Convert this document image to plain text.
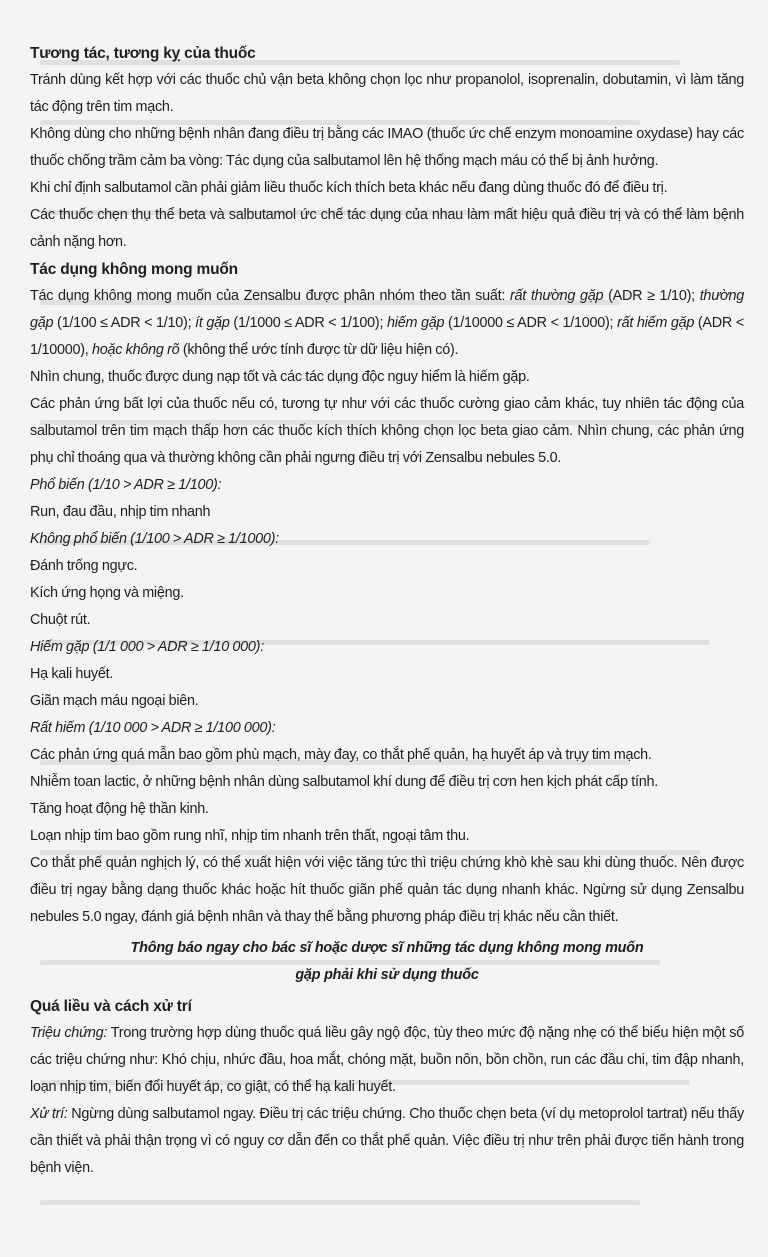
Tương tác, tương kỵ của thuốc

Tránh dùng kết hợp với các thuốc chủ vận beta không chọn lọc như propanolol, isoprenalin, dobutamin, vì làm tăng tác động trên tim mạch.

Không dùng cho những bệnh nhân đang điều trị bằng các IMAO (thuốc ức chế enzym monoamine oxydase) hay các thuốc chống trầm cảm ba vòng: Tác dụng của salbutamol lên hệ thống mạch máu có thể bị ảnh hưởng.

Khi chỉ định salbutamol cần phải giảm liều thuốc kích thích beta khác nếu đang dùng thuốc đó để điều trị.

Các thuốc chẹn thụ thể beta và salbutamol ức chế tác dụng của nhau làm mất hiệu quả điều trị và có thể làm bệnh cảnh nặng hơn.

Tác dụng không mong muốn

Tác dụng không mong muốn của Zensalbu được phân nhóm theo tần suất: rất thường gặp (ADR ≥ 1/10); thường gặp (1/100 ≤ ADR < 1/10); ít gặp (1/1000 ≤ ADR < 1/100); hiếm gặp (1/10000 ≤ ADR < 1/1000); rất hiếm gặp (ADR < 1/10000), hoặc không rõ (không thể ước tính được từ dữ liệu hiện có).

Nhìn chung, thuốc được dung nạp tốt và các tác dụng độc nguy hiểm là hiếm gặp.

Các phản ứng bất lợi của thuốc nếu có, tương tự như với các thuốc cường giao cảm khác, tuy nhiên tác động của salbutamol trên tim mạch thấp hơn các thuốc kích thích không chọn lọc beta giao cảm. Nhìn chung, các phản ứng phụ chỉ thoáng qua và thường không cần phải ngưng điều trị với Zensalbu nebules 5.0.

Phổ biến (1/10 > ADR ≥ 1/100):

Run, đau đầu, nhịp tim nhanh

Không phổ biến (1/100 > ADR ≥ 1/1000):

Đánh trống ngực.

Kích ứng họng và miệng.

Chuột rút.

Hiếm gặp (1/1 000 > ADR ≥ 1/10 000):

Hạ kali huyết.

Giãn mạch máu ngoại biên.

Rất hiếm (1/10 000 > ADR ≥ 1/100 000):

Các phản ứng quá mẫn bao gồm phù mạch, mày đay, co thắt phế quản, hạ huyết áp và trụy tim mạch.

Nhiễm toan lactic, ở những bệnh nhân dùng salbutamol khí dung để điều trị cơn hen kịch phát cấp tính.

Tăng hoạt động hệ thần kinh.

Loạn nhịp tim bao gồm rung nhĩ, nhịp tim nhanh trên thất, ngoại tâm thu.

Co thắt phế quản nghịch lý, có thể xuất hiện với việc tăng tức thì triệu chứng khò khè sau khi dùng thuốc. Nên được điều trị ngay bằng dạng thuốc khác hoặc hít thuốc giãn phế quản tác dụng nhanh khác. Ngừng sử dụng Zensalbu nebules 5.0 ngay, đánh giá bệnh nhân và thay thế bằng phương pháp điều trị khác nếu cần thiết.

Thông báo ngay cho bác sĩ hoặc dược sĩ những tác dụng không mong muốn

gặp phải khi sử dụng thuốc

Quá liều và cách xử trí

Triệu chứng: Trong trường hợp dùng thuốc quá liều gây ngộ độc, tùy theo mức độ nặng nhẹ có thể biểu hiện một số các triệu chứng như: Khó chịu, nhức đầu, hoa mắt, chóng mặt, buồn nôn, bồn chồn, run các đầu chi, tim đập nhanh, loạn nhịp tim, biến đổi huyết áp, co giật, có thể hạ kali huyết.

Xử trí: Ngừng dùng salbutamol ngay. Điều trị các triệu chứng. Cho thuốc chẹn beta (ví dụ metoprolol tartrat) nếu thấy cần thiết và phải thận trọng vì có nguy cơ dẫn đến co thắt phế quản. Việc điều trị như trên phải được tiến hành trong bệnh viện.
